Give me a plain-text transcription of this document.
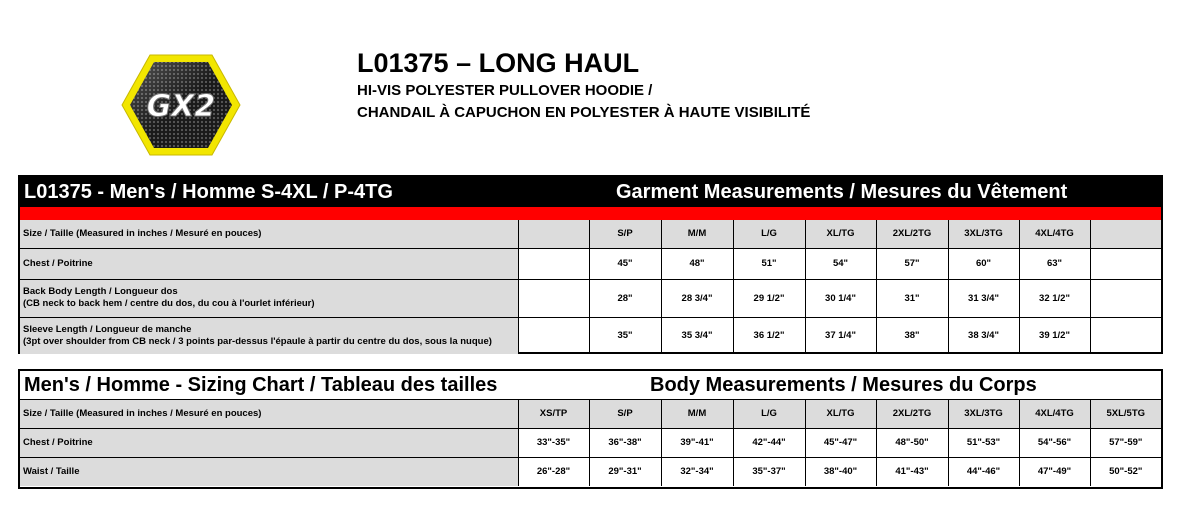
GX2
L01375 – LONG HAUL
HI-VIS POLYESTER PULLOVER HOODIE /
CHANDAIL À CAPUCHON EN POLYESTER À HAUTE VISIBILITÉ
L01375 - Men's / Homme S-4XL / P-4TG	Garment Measurements / Mesures du Vêtement
Size / Taille (Measured in inches / Mesuré en pouces)		S/P	M/M	L/G	XL/TG	2XL/2TG	3XL/3TG	4XL/4TG	

Chest / Poitrine		45"	48"	51"	54"	57"	60"	63"	

Back Body Length / Longueur dos
(CB neck to back hem / centre du dos, du cou à l'ourlet inférieur)		28"	28 3/4"	29 1/2"	30 1/4"	31"	31 3/4"	32 1/2"	

Sleeve Length / Longueur de manche
(3pt over shoulder from CB neck / 3 points par-dessus l'épaule à partir du centre du dos, sous la nuque)		35"	35 3/4"	36 1/2"	37 1/4"	38"	38 3/4"	39 1/2"	
Men's / Homme - Sizing Chart / Tableau des tailles	Body Measurements / Mesures du Corps
Size / Taille (Measured in inches / Mesuré en pouces)	XS/TP	S/P	M/M	L/G	XL/TG	2XL/2TG	3XL/3TG	4XL/4TG	5XL/5TG
Chest / Poitrine	33"-35"	36"-38"	39"-41"	42"-44"	45"-47"	48"-50"	51"-53"	54"-56"	57"-59"
Waist / Taille	26"-28"	29"-31"	32"-34"	35"-37"	38"-40"	41"-43"	44"-46"	47"-49"	50"-52"
